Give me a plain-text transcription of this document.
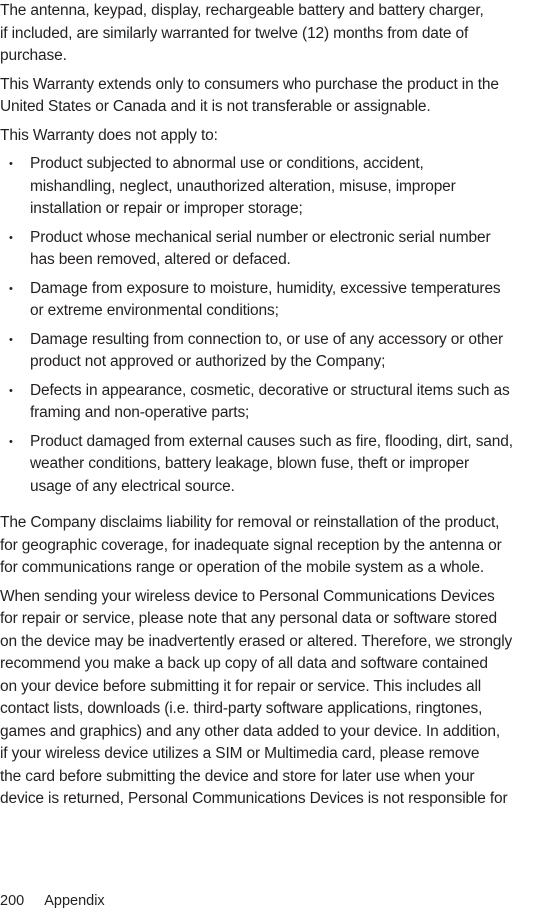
The antenna, keypad, display, rechargeable battery and battery charger,
if included, are similarly warranted for twelve (12) months from date of
purchase.

This Warranty extends only to consumers who purchase the product in the
United States or Canada and it is not transferable or assignable.

This Warranty does not apply to:

• Product subjected to abnormal use or conditions, accident,
mishandling, neglect, unauthorized alteration, misuse, improper
installation or repair or improper storage;
• Product whose mechanical serial number or electronic serial number
has been removed, altered or defaced.
• Damage from exposure to moisture, humidity, excessive temperatures
or extreme environmental conditions;
• Damage resulting from connection to, or use of any accessory or other
product not approved or authorized by the Company;
• Defects in appearance, cosmetic, decorative or structural items such as
framing and non-operative parts;
• Product damaged from external causes such as fire, flooding, dirt, sand,
weather conditions, battery leakage, blown fuse, theft or improper
usage of any electrical source.

The Company disclaims liability for removal or reinstallation of the product,
for geographic coverage, for inadequate signal reception by the antenna or
for communications range or operation of the mobile system as a whole.

When sending your wireless device to Personal Communications Devices
for repair or service, please note that any personal data or software stored
on the device may be inadvertently erased or altered. Therefore, we strongly
recommend you make a back up copy of all data and software contained
on your device before submitting it for repair or service. This includes all
contact lists, downloads (i.e. third-party software applications, ringtones,
games and graphics) and any other data added to your device. In addition,
if your wireless device utilizes a SIM or Multimedia card, please remove
the card before submitting the device and store for later use when your
device is returned, Personal Communications Devices is not responsible for

200 Appendix
